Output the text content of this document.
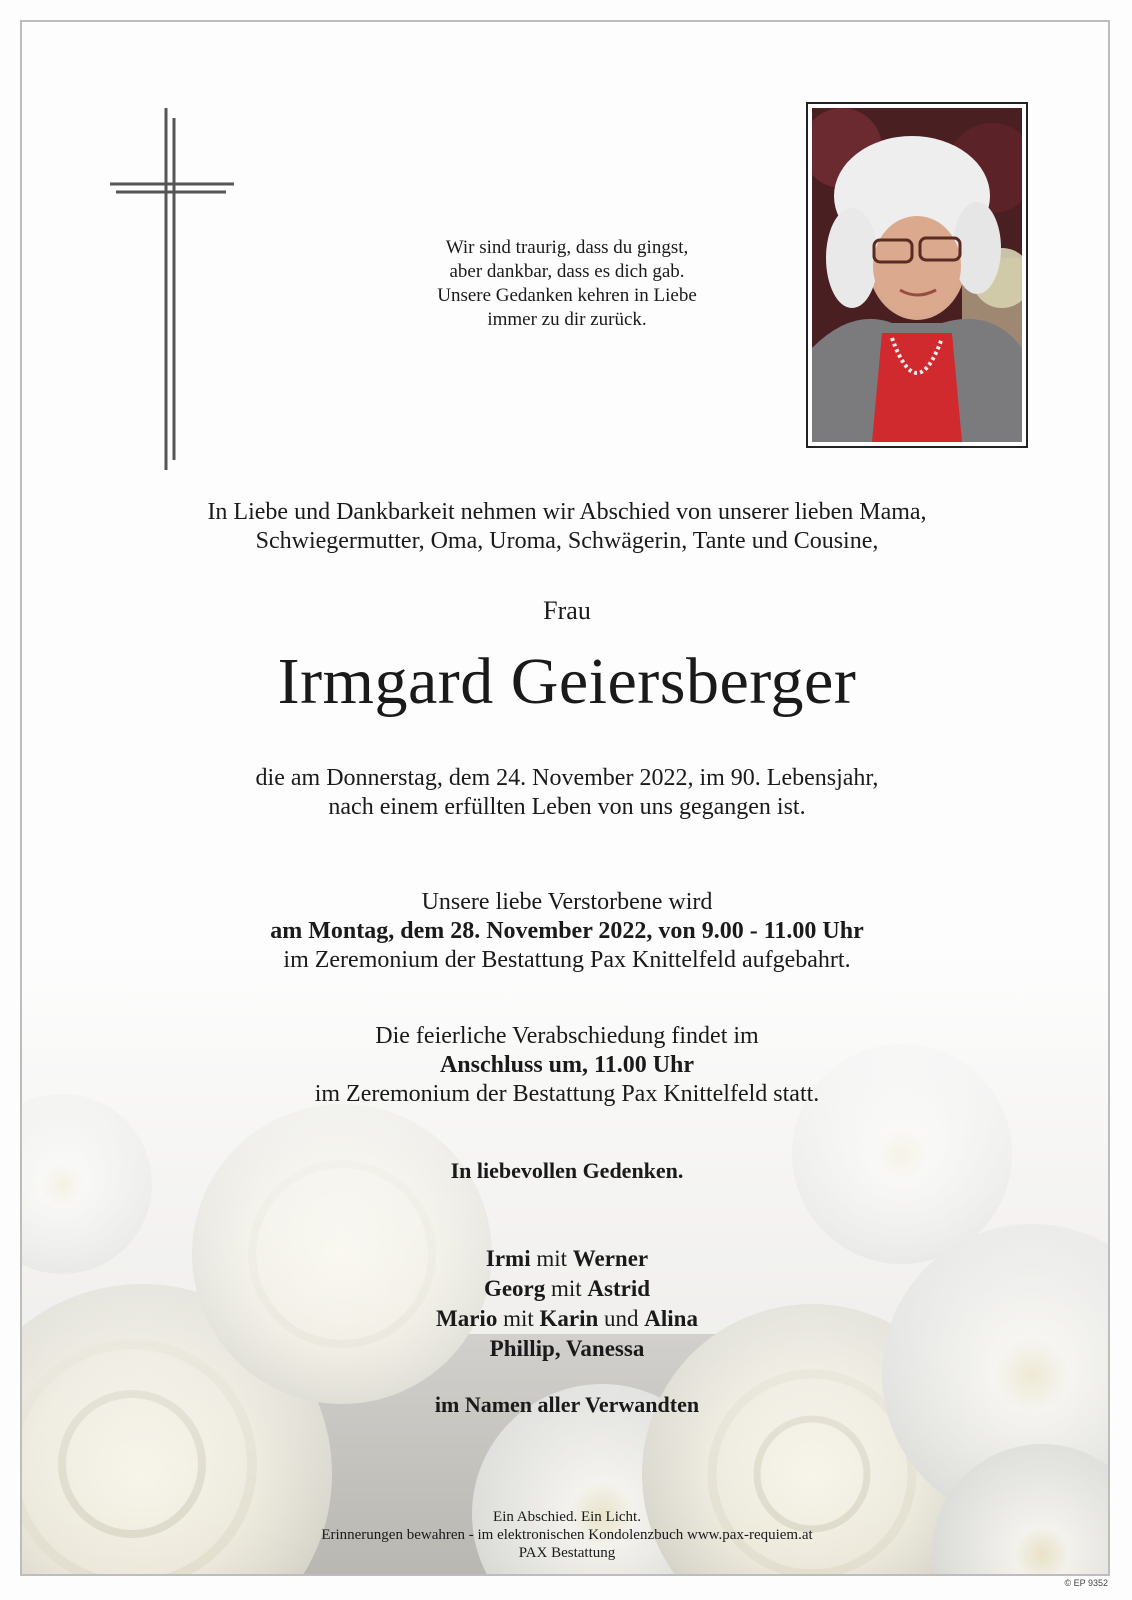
Wir sind traurig, dass du gingst,
aber dankbar, dass es dich gab.
Unsere Gedanken kehren in Liebe
immer zu dir zurück.
In Liebe und Dankbarkeit nehmen wir Abschied von unserer lieben Mama,
Schwiegermutter, Oma, Uroma, Schwägerin, Tante und Cousine,
Frau
Irmgard Geiersberger
die am Donnerstag, dem 24. November 2022, im 90. Lebensjahr,
nach einem erfüllten Leben von uns gegangen ist.
Unsere liebe Verstorbene wird
am Montag, dem 28. November 2022, von 9.00 - 11.00 Uhr
im Zeremonium der Bestattung Pax Knittelfeld aufgebahrt.
Die feierliche Verabschiedung findet im
Anschluss um, 11.00 Uhr
im Zeremonium der Bestattung Pax Knittelfeld statt.
In liebevollen Gedenken.
Irmi mit Werner
Georg mit Astrid
Mario mit Karin und Alina
Phillip, Vanessa
im Namen aller Verwandten
Ein Abschied. Ein Licht.
Erinnerungen bewahren - im elektronischen Kondolenzbuch www.pax-requiem.at
PAX Bestattung
© EP 9352
